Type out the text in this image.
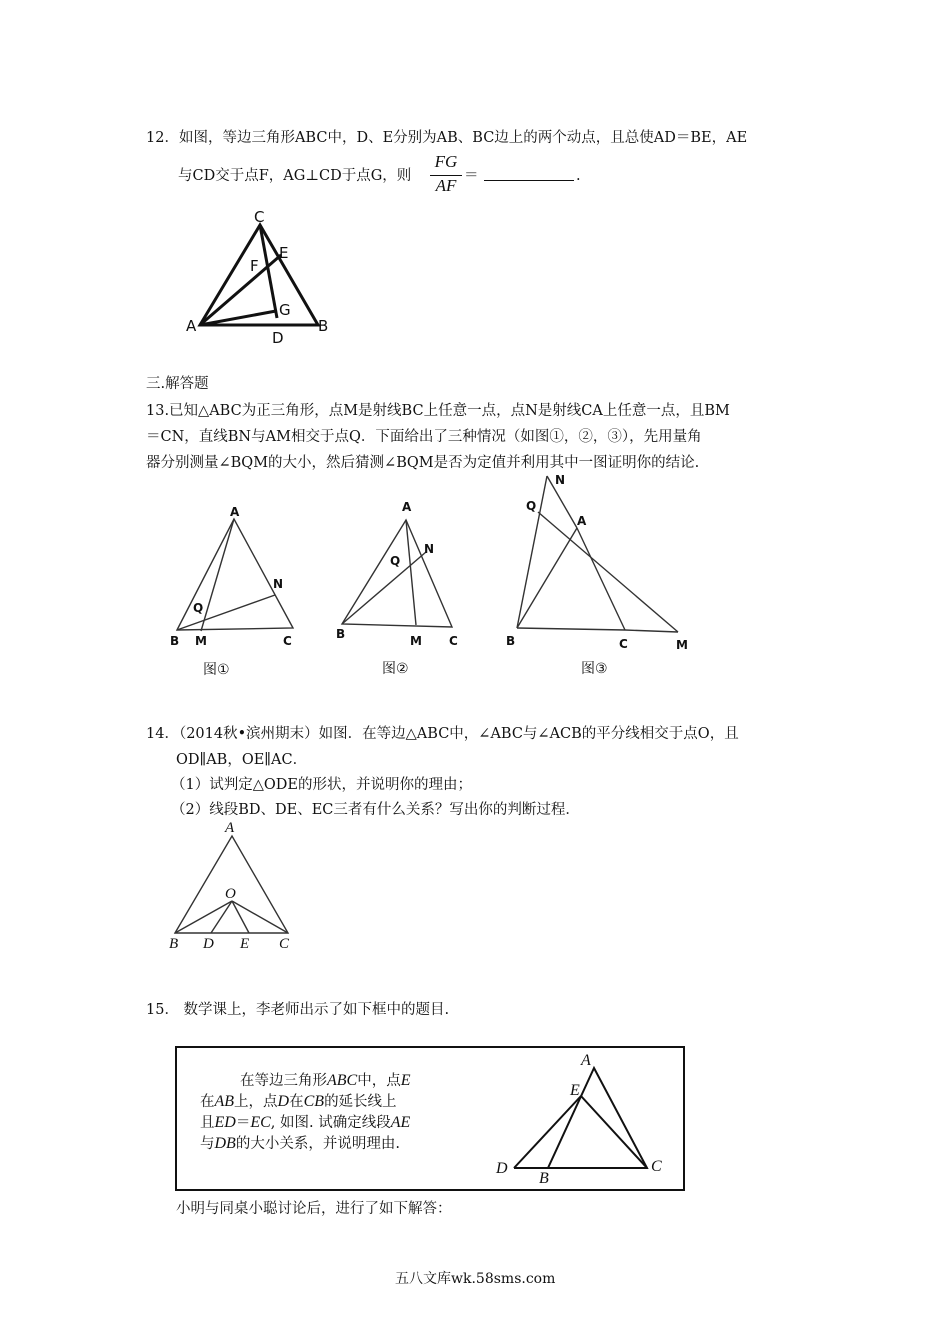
12．如图，等边三角形ABC中，D、E分别为AB、BC边上的两个动点，且总使AD＝BE，AE
与CD交于点F，AG⊥CD于点G，则
FG
AF ＝	.
C
E
F
G
A
D
B
三.解答题
13.已知△ABC为正三角形，点M是射线BC上任意一点，点N是射线CA上任意一点，且BM
＝CN，直线BN与AM相交于点Q．下面给出了三种情况（如图①，②，③），先用量角
器分别测量∠BQM的大小，然后猜测∠BQM是否为定值并利用其中一图证明你的结论.
A
N
Q
B M	C
图①
A
N
Q
B	M C
图②
N
Q
A
B	C	M
图③
14．（2014秋•滨州期末）如图．在等边△ABC中，∠ABC与∠ACB的平分线相交于点O，且
OD∥AB，OE∥AC．
（1）试判定△ODE的形状，并说明你的理由；
（2）线段BD、DE、EC三者有什么关系？写出你的判断过程．
A
O
B D E C
15． 数学课上，李老师出示了如下框中的题目.
在等边三角形ABC中，点E
在AB上，点D在CB的延长线上
且ED＝EC, 如图. 试确定线段AE
与DB的大小关系，并说明理由.
A
E
D
B
C
小明与同桌小聪讨论后，进行了如下解答：
五八文库wk.58sms.com
